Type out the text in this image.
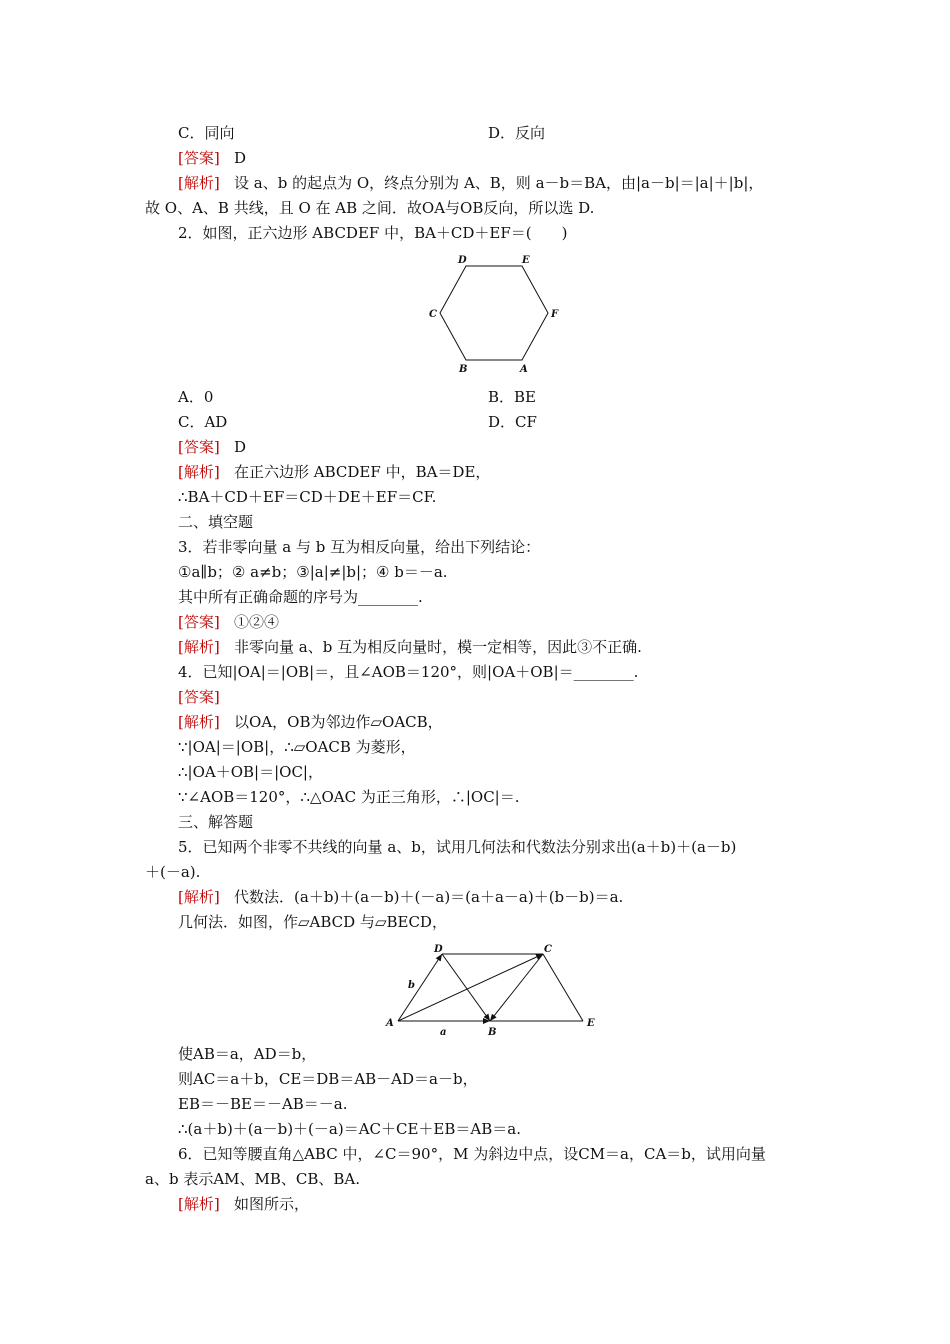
C．同向	D．反向
[答案] D
[解析] 设 a、b 的起点为 O，终点分别为 A、B，则 a－b＝BA，由|a－b|＝|a|＋|b|，
故 O、A、B 共线，且 O 在 AB 之间．故OA与OB反向，所以选 D.
2．如图，正六边形 ABCDEF 中，BA＋CD＋EF＝(　　)
D	E
C	F
B	A
A．0	B．BE
C．AD	D．CF
[答案] D
[解析] 在正六边形 ABCDEF 中，BA＝DE，
∴BA＋CD＋EF＝CD＋DE＋EF＝CF.
二、填空题
3．若非零向量 a 与 b 互为相反向量，给出下列结论：
①a∥b；② a≠b；③|a|≠|b|；④ b＝－a.
其中所有正确命题的序号为________.
[答案] ①②④
[解析] 非零向量 a、b 互为相反向量时，模一定相等，因此③不正确.
4．已知|OA|＝|OB|＝，且∠AOB＝120°，则|OA＋OB|＝________.
[答案]
[解析] 以OA，OB为邻边作▱OACB，
∵|OA|＝|OB|，∴▱OACB 为菱形，
∴|OA＋OB|＝|OC|，
∵∠AOB＝120°，∴△OAC 为正三角形，∴|OC|＝.
三、解答题
5．已知两个非零不共线的向量 a、b，试用几何法和代数法分别求出(a＋b)＋(a－b)
＋(－a).
[解析] 代数法．(a＋b)＋(a－b)＋(－a)＝(a＋a－a)＋(b－b)＝a.
几何法．如图，作▱ABCD 与▱BECD，
D	C
b
A
a	B
E
使AB＝a，AD＝b，
则AC＝a＋b，CE＝DB＝AB－AD＝a－b，
EB＝－BE＝－AB＝－a.
∴(a＋b)＋(a－b)＋(－a)＝AC＋CE＋EB＝AB＝a.
6．已知等腰直角△ABC 中，∠C＝90°，M 为斜边中点，设CM＝a，CA＝b，试用向量
a、b 表示AM、MB、CB、BA.
[解析] 如图所示，
